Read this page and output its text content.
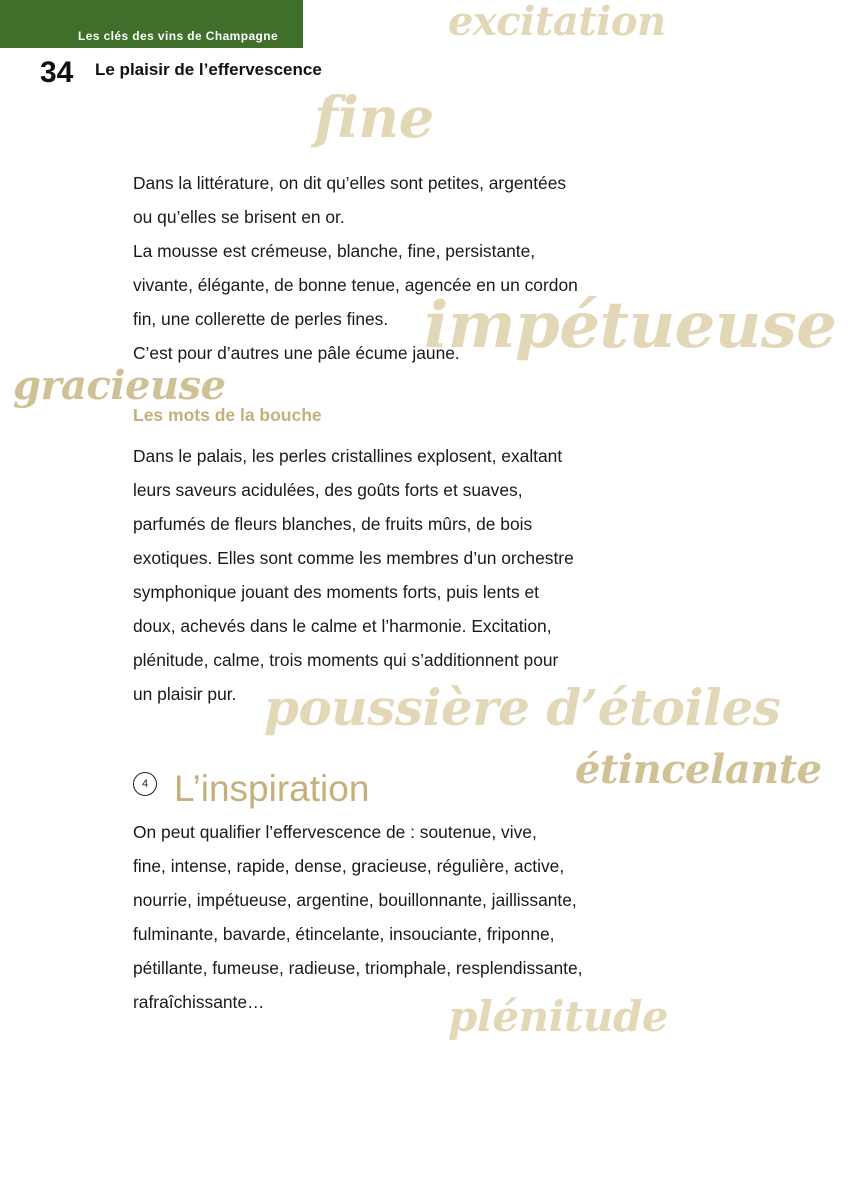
Les clés des vins de Champagne
34 Le plaisir de l’effervescence
excitation
fine
impétueuse
gracieuse
poussière d’étoiles
étincelante
plénitude

Dans la littérature, on dit qu’elles sont petites, argentées

ou qu’elles se brisent en or.

La mousse est crémeuse, blanche, fine, persistante,

vivante, élégante, de bonne tenue, agencée en un cordon

fin, une collerette de perles fines.

C’est pour d’autres une pâle écume jaune.

Les mots de la bouche

Dans le palais, les perles cristallines explosent, exaltant

leurs saveurs acidulées, des goûts forts et suaves,

parfumés de fleurs blanches, de fruits mûrs, de bois

exotiques. Elles sont comme les membres d’un orchestre

symphonique jouant des moments forts, puis lents et

doux, achevés dans le calme et l’harmonie. Excitation,

plénitude, calme, trois moments qui s’additionnent pour

un plaisir pur.

4 L’inspiration

On peut qualifier l’effervescence de : soutenue, vive,

fine, intense, rapide, dense, gracieuse, régulière, active,

nourrie, impétueuse, argentine, bouillonnante, jaillissante,

fulminante, bavarde, étincelante, insouciante, friponne,

pétillante, fumeuse, radieuse, triomphale, resplendissante,

rafraîchissante…
